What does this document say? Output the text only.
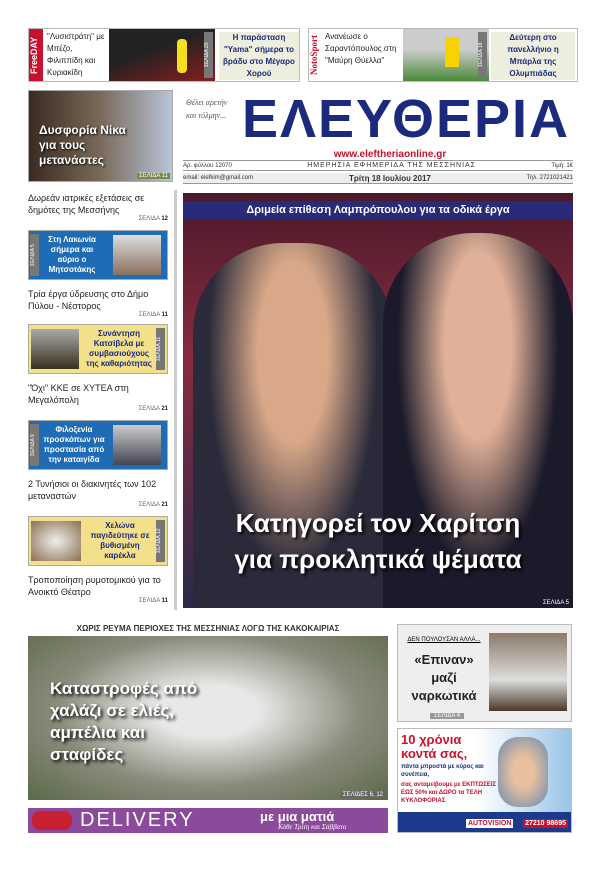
FreeDAY	"Λυσιστράτη" με Μπέζο, Φιλιππίδη και Κυριακίδη
ΣΕΛΙΔΑ 20
Η παράσταση "Yama" σήμερα το βράδυ στο Μέγαρο Χορού	NotoSport Ανανέωσε ο Σαραντόπουλος στη "Μαύρη Θύελλα"	ΣΕΛΙΔΑ 18
Δεύτερη στο πανελλήνιο η Μπάρλα της Ολυμπιάδας
Δυσφορία Νίκα για τους μετανάστες
ΣΕΛΙΔΑ 11
Θέλει αρετήν και τόλμην... ΕΛΕΥΘΕΡΙΑ
www.eleftheriaonline.gr
Αρ. φύλλου 12070	ΗΜΕΡΗΣΙΑ ΕΦΗΜΕΡΙΔΑ ΤΗΣ ΜΕΣΣΗΝΙΑΣ	Τιμή: 1€
email: elefkim@gmail.com	Τρίτη 18 Ιουλίου 2017	Τηλ. 2721021421
Δωρεάν ιατρικές εξετάσεις σε δημότες της Μεσσήνης
ΣΕΛΙΔΑ 12
Στη Λακωνία σήμερα και αύριο ο Μητσοτάκης
ΣΕΛΙΔΑ 5
Τρία έργα ύδρευσης στο Δήμο Πύλου - Νέστορος
ΣΕΛΙΔΑ 11
Συνάντηση Κατσίβελα με συμβασιούχους της καθαριότητας
ΣΕΛΙΔΑ 11
"Όχι" ΚΚΕ σε ΧΥΤΕΑ στη Μεγαλόπολη
ΣΕΛΙΔΑ 21
Φιλοξενία προσκόπων για προστασία από την καταιγίδα
ΣΕΛΙΔΑ 9
2 Τυνήσιοι οι διακινητές των 102 μεταναστών
ΣΕΛΙΔΑ 21
Χελώνα παγιδεύτηκε σε βυθισμένη καρέκλα
ΣΕΛΙΔΑ 12
Τροποποίηση ρυμοτομικού για το Ανοικτό Θέατρο
ΣΕΛΙΔΑ 11
Δριμεία επίθεση Λαμπρόπουλου για τα οδικά έργα
Κατηγορεί τον Χαρίτση
για προκλητικά ψέματα
ΣΕΛΙΔΑ 5
ΧΩΡΙΣ ΡΕΥΜΑ ΠΕΡΙΟΧΕΣ ΤΗΣ ΜΕΣΣΗΝΙΑΣ ΛΟΓΩ ΤΗΣ ΚΑΚΟΚΑΙΡΙΑΣ
Καταστροφές από χαλάζι σε ελιές, αμπέλια και σταφίδες
ΣΕΛΙΔΕΣ 6, 12
DELIVERY	με μια ματιά
Κάθε Τρίτη και Σάββατο
ΔΕΝ ΠΟΥΛΟΥΣΑΝ ΑΛΛΑ...
«Επιναν» μαζί ναρκωτικά
ΣΕΛΙΔΑ 4
10 χρόνια κοντά σας,
πάντα μπροστά με κύρος και συνέπεια,
σας ανταμείβουμε με ΕΚΠΤΩΣΕΙΣ ΕΩΣ 50% και ΔΩΡΟ τα ΤΕΛΗ ΚΥΚΛΟΦΟΡΙΑΣ
AUTOVISION 27210 98695
